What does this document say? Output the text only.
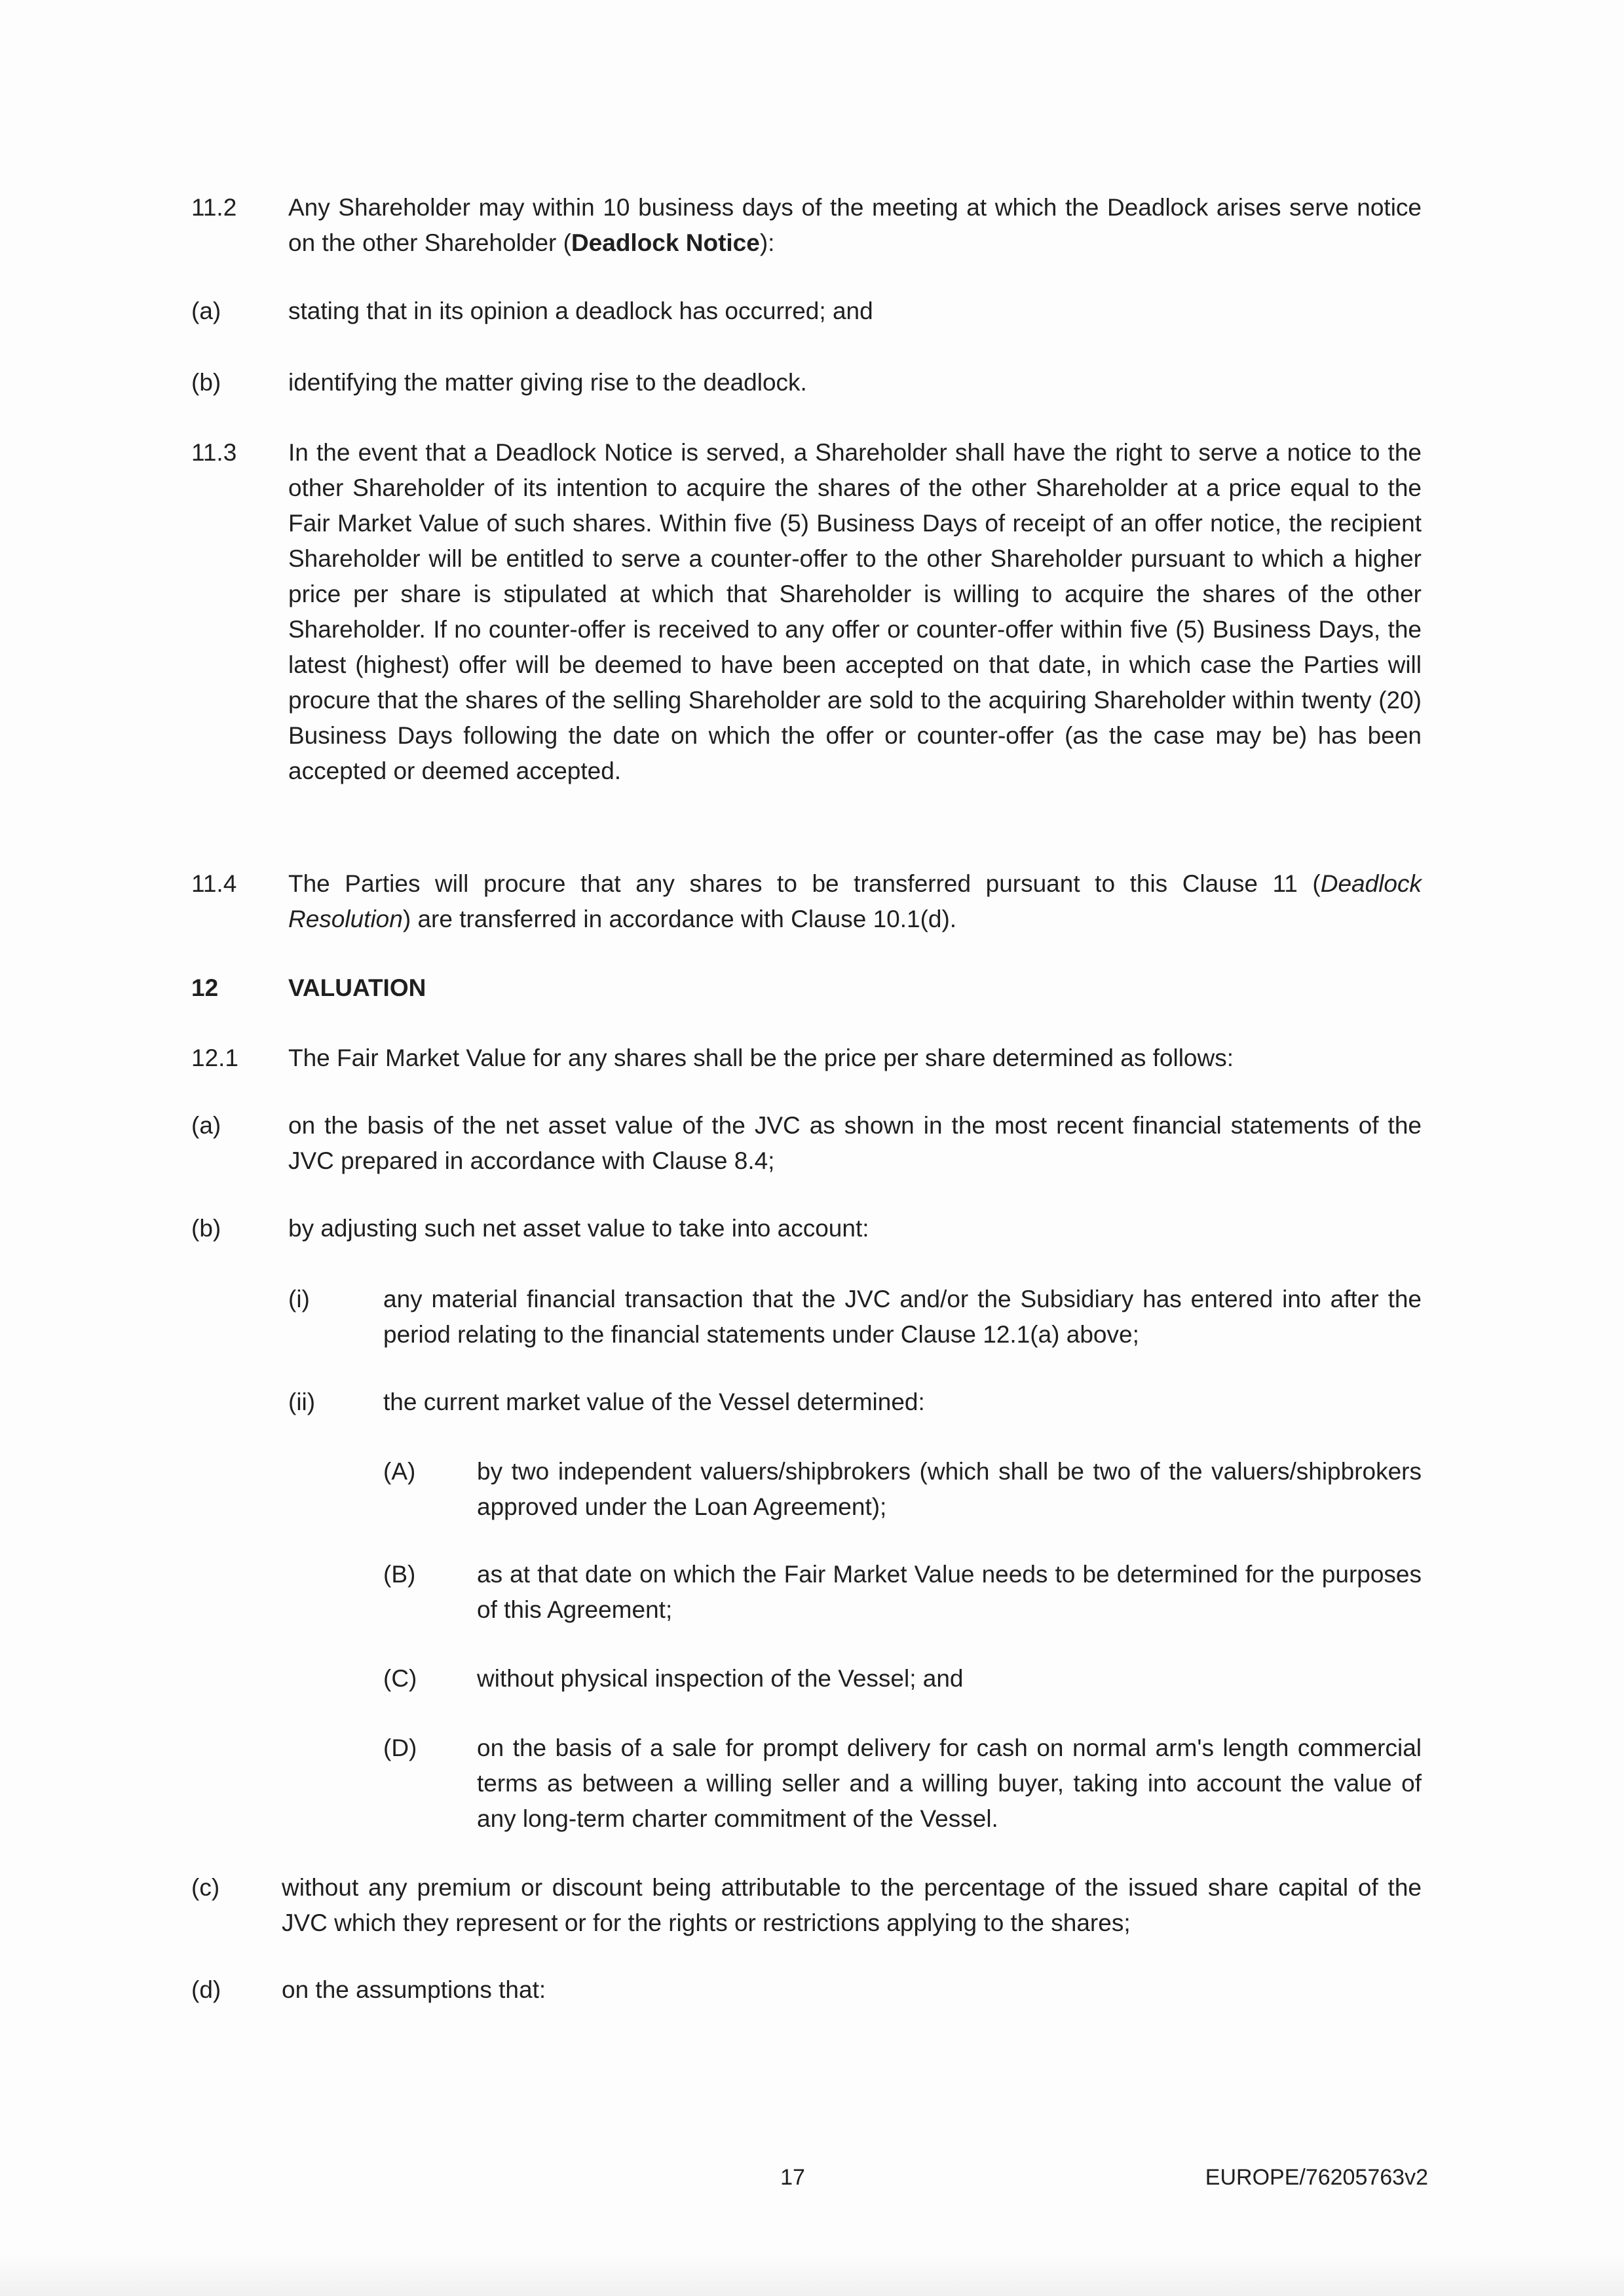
11.2 Any Shareholder may within 10 business days of the meeting at which the Deadlock arises serve notice on the other Shareholder (Deadlock Notice):
(a)	stating that in its opinion a deadlock has occurred; and
(b)	identifying the matter giving rise to the deadlock.
11.3 In the event that a Deadlock Notice is served, a Shareholder shall have the right to serve a notice to the other Shareholder of its intention to acquire the shares of the other Shareholder at a price equal to the Fair Market Value of such shares. Within five (5) Business Days of receipt of an offer notice, the recipient Shareholder will be entitled to serve a counter-offer to the other Shareholder pursuant to which a higher price per share is stipulated at which that Shareholder is willing to acquire the shares of the other Shareholder. If no counter-offer is received to any offer or counter-offer within five (5) Business Days, the latest (highest) offer will be deemed to have been accepted on that date, in which case the Parties will procure that the shares of the selling Shareholder are sold to the acquiring Shareholder within twenty (20) Business Days following the date on which the offer or counter-offer (as the case may be) has been accepted or deemed accepted.
11.4 The Parties will procure that any shares to be transferred pursuant to this Clause 11 (Deadlock Resolution) are transferred in accordance with Clause 10.1(d).
12	VALUATION
12.1 The Fair Market Value for any shares shall be the price per share determined as follows:
(a)	on the basis of the net asset value of the JVC as shown in the most recent financial statements of the JVC prepared in accordance with Clause 8.4;
(b)	by adjusting such net asset value to take into account:
(i)	any material financial transaction that the JVC and/or the Subsidiary has entered into after the period relating to the financial statements under Clause 12.1(a) above;
(ii)	the current market value of the Vessel determined:
(A)	by two independent valuers/shipbrokers (which shall be two of the valuers/shipbrokers approved under the Loan Agreement);
(B)	as at that date on which the Fair Market Value needs to be determined for the purposes of this Agreement;
(C) without physical inspection of the Vessel; and
(D) on the basis of a sale for prompt delivery for cash on normal arm's length commercial terms as between a willing seller and a willing buyer, taking into account the value of any long-term charter commitment of the Vessel.
(c)	without any premium or discount being attributable to the percentage of the issued share capital of the JVC which they represent or for the rights or restrictions applying to the shares;
(d)	on the assumptions that:
17	EUROPE/76205763v2
